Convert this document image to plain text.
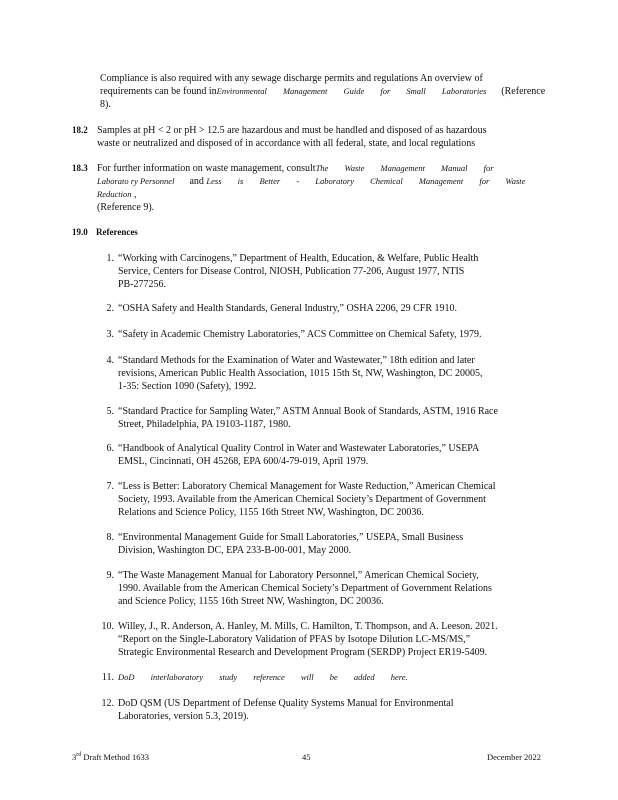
Compliance is also required with any sewage discharge permits and regulations An overview of
requirements can be found inEnvironmental Management Guide for Small Laboratories (Reference
8).
18.2 Samples at pH < 2 or pH > 12.5 are hazardous and must be handled and disposed of as hazardous
waste or neutralized and disposed of in accordance with all federal, state, and local regulations
18.3 For further information on waste management, consultThe Waste Management Manual for
Laborato ry Personnel and Less is Better - Laboratory Chemical Management for Waste Reduction ,
(Reference 9).
19.0 References
1. “Working with Carcinogens,” Department of Health, Education, & Welfare, Public Health
Service, Centers for Disease Control, NIOSH, Publication 77-206, August 1977, NTIS
PB-277256.
2. “OSHA Safety and Health Standards, General Industry,” OSHA 2206, 29 CFR 1910.
3. “Safety in Academic Chemistry Laboratories,” ACS Committee on Chemical Safety, 1979.
4. “Standard Methods for the Examination of Water and Wastewater,” 18th edition and later
revisions, American Public Health Association, 1015 15th St, NW, Washington, DC 20005,
1-35: Section 1090 (Safety), 1992.
5. “Standard Practice for Sampling Water,” ASTM Annual Book of Standards, ASTM, 1916 Race
Street, Philadelphia, PA 19103-1187, 1980.
6. “Handbook of Analytical Quality Control in Water and Wastewater Laboratories,” USEPA
EMSL, Cincinnati, OH 45268, EPA 600/4-79-019, April 1979.
7. “Less is Better: Laboratory Chemical Management for Waste Reduction,” American Chemical
Society, 1993. Available from the American Chemical Society’s Department of Government
Relations and Science Policy, 1155 16th Street NW, Washington, DC 20036.
8. “Environmental Management Guide for Small Laboratories,” USEPA, Small Business
Division, Washington DC, EPA 233-B-00-001, May 2000.
9. “The Waste Management Manual for Laboratory Personnel,” American Chemical Society,
1990. Available from the American Chemical Society’s Department of Government Relations
and Science Policy, 1155 16th Street NW, Washington, DC 20036.
10. Willey, J., R. Anderson, A. Hanley, M. Mills, C. Hamilton, T. Thompson, and A. Leeson. 2021.
“Report on the Single-Laboratory Validation of PFAS by Isotope Dilution LC-MS/MS,”
Strategic Environmental Research and Development Program (SERDP) Project ER19-5409.
11. DoD interlaboratory study reference will be added here.
12. DoD QSM (US Department of Defense Quality Systems Manual for Environmental
Laboratories, version 5.3, 2019).
3rd Draft Method 1633	45	December 2022
